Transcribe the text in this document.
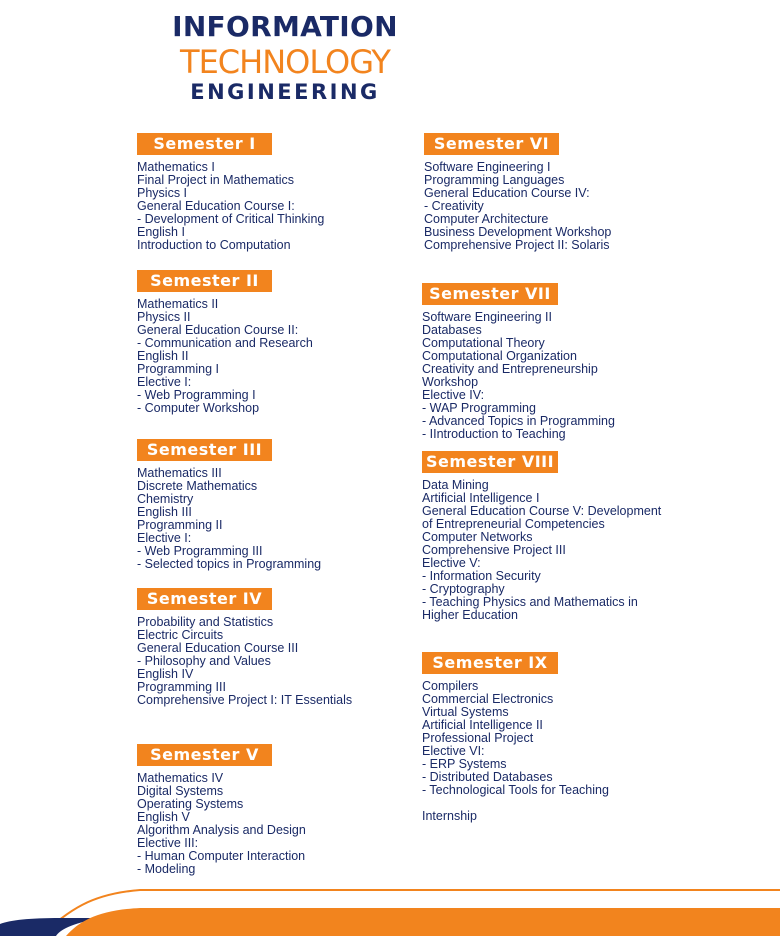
INFORMATION
TECHNOLOGY
ENGINEERING
Semester I
Mathematics I
Final Project in Mathematics
Physics I
General Education Course I:
- Development of Critical Thinking
English I
Introduction to Computation
Semester II
Mathematics II
Physics II
General Education Course II:
- Communication and Research
English II
Programming I
Elective I:
- Web Programming I
- Computer Workshop
Semester III
Mathematics III
Discrete Mathematics
Chemistry
English III
Programming II
Elective I:
- Web Programming III
- Selected topics in Programming
Semester IV
Probability and Statistics
Electric Circuits
General Education Course III
- Philosophy and Values
English IV
Programming III
Comprehensive Project I: IT Essentials
Semester V
Mathematics IV
Digital Systems
Operating Systems
English V
Algorithm Analysis and Design
Elective III:
- Human Computer Interaction
- Modeling
Semester VI
Software Engineering I
Programming Languages
General Education Course IV:
- Creativity
Computer Architecture
Business Development Workshop
Comprehensive Project II: Solaris
Semester VII
Software Engineering II
Databases
Computational Theory
Computational Organization
Creativity and Entrepreneurship
Workshop
Elective IV:
- WAP Programming
- Advanced Topics in Programming
- IIntroduction to Teaching
Semester VIII
Data Mining
Artificial Intelligence I
General Education Course V: Development
of Entrepreneurial Competencies
Computer Networks
Comprehensive Project III
Elective V:
- Information Security
- Cryptography
- Teaching Physics and Mathematics in
Higher Education
Semester IX
Compilers
Commercial Electronics
Virtual Systems
Artificial Intelligence II
Professional Project
Elective VI:
- ERP Systems
- Distributed Databases
- Technological Tools for Teaching
Internship
